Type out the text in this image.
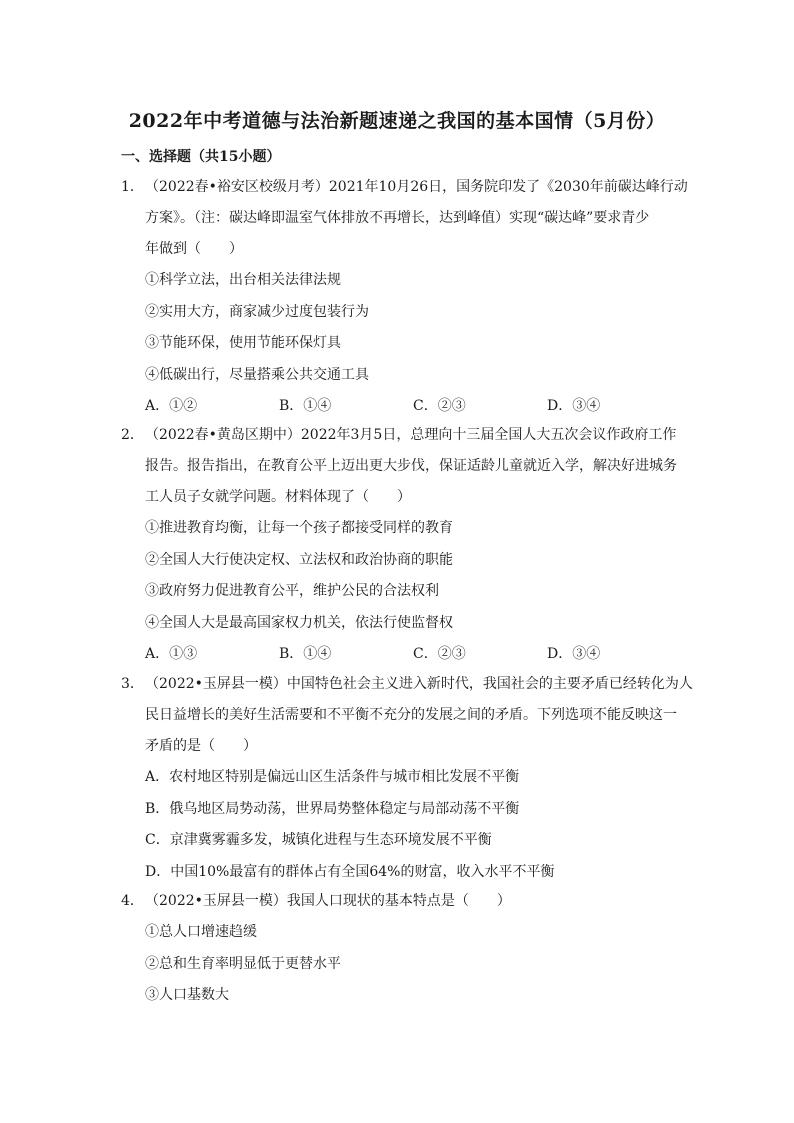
2022年中考道德与法治新题速递之我国的基本国情（5月份）
一、选择题（共15小题）
1． （2022春•裕安区校级月考）2021年10月26日，国务院印发了《2030年前碳达峰行动
方案》。（注：碳达峰即温室气体排放不再增长，达到峰值）实现“碳达峰”要求青少
年做到（　　）
①科学立法，出台相关法律法规
②实用大方，商家减少过度包装行为
③节能环保，使用节能环保灯具
④低碳出行，尽量搭乘公共交通工具
A．①②	B．①④	C．②③	D．③④
2． （2022春•黄岛区期中）2022年3月5日，总理向十三届全国人大五次会议作政府工作
报告。报告指出，在教育公平上迈出更大步伐，保证适龄儿童就近入学，解决好进城务
工人员子女就学问题。材料体现了（　　）
①推进教育均衡，让每一个孩子都接受同样的教育
②全国人大行使决定权、立法权和政治协商的职能
③政府努力促进教育公平，维护公民的合法权利
④全国人大是最高国家权力机关，依法行使监督权
A．①③	B．①④	C．②③	D．③④
3． （2022•玉屏县一模）中国特色社会主义进入新时代，我国社会的主要矛盾已经转化为人
民日益增长的美好生活需要和不平衡不充分的发展之间的矛盾。下列选项不能反映这一
矛盾的是（　　）
A．农村地区特别是偏远山区生活条件与城市相比发展不平衡
B．俄乌地区局势动荡，世界局势整体稳定与局部动荡不平衡
C．京津冀雾霾多发，城镇化进程与生态环境发展不平衡
D．中国10%最富有的群体占有全国64%的财富，收入水平不平衡
4． （2022•玉屏县一模）我国人口现状的基本特点是（　　）
①总人口增速趋缓
②总和生育率明显低于更替水平
③人口基数大
